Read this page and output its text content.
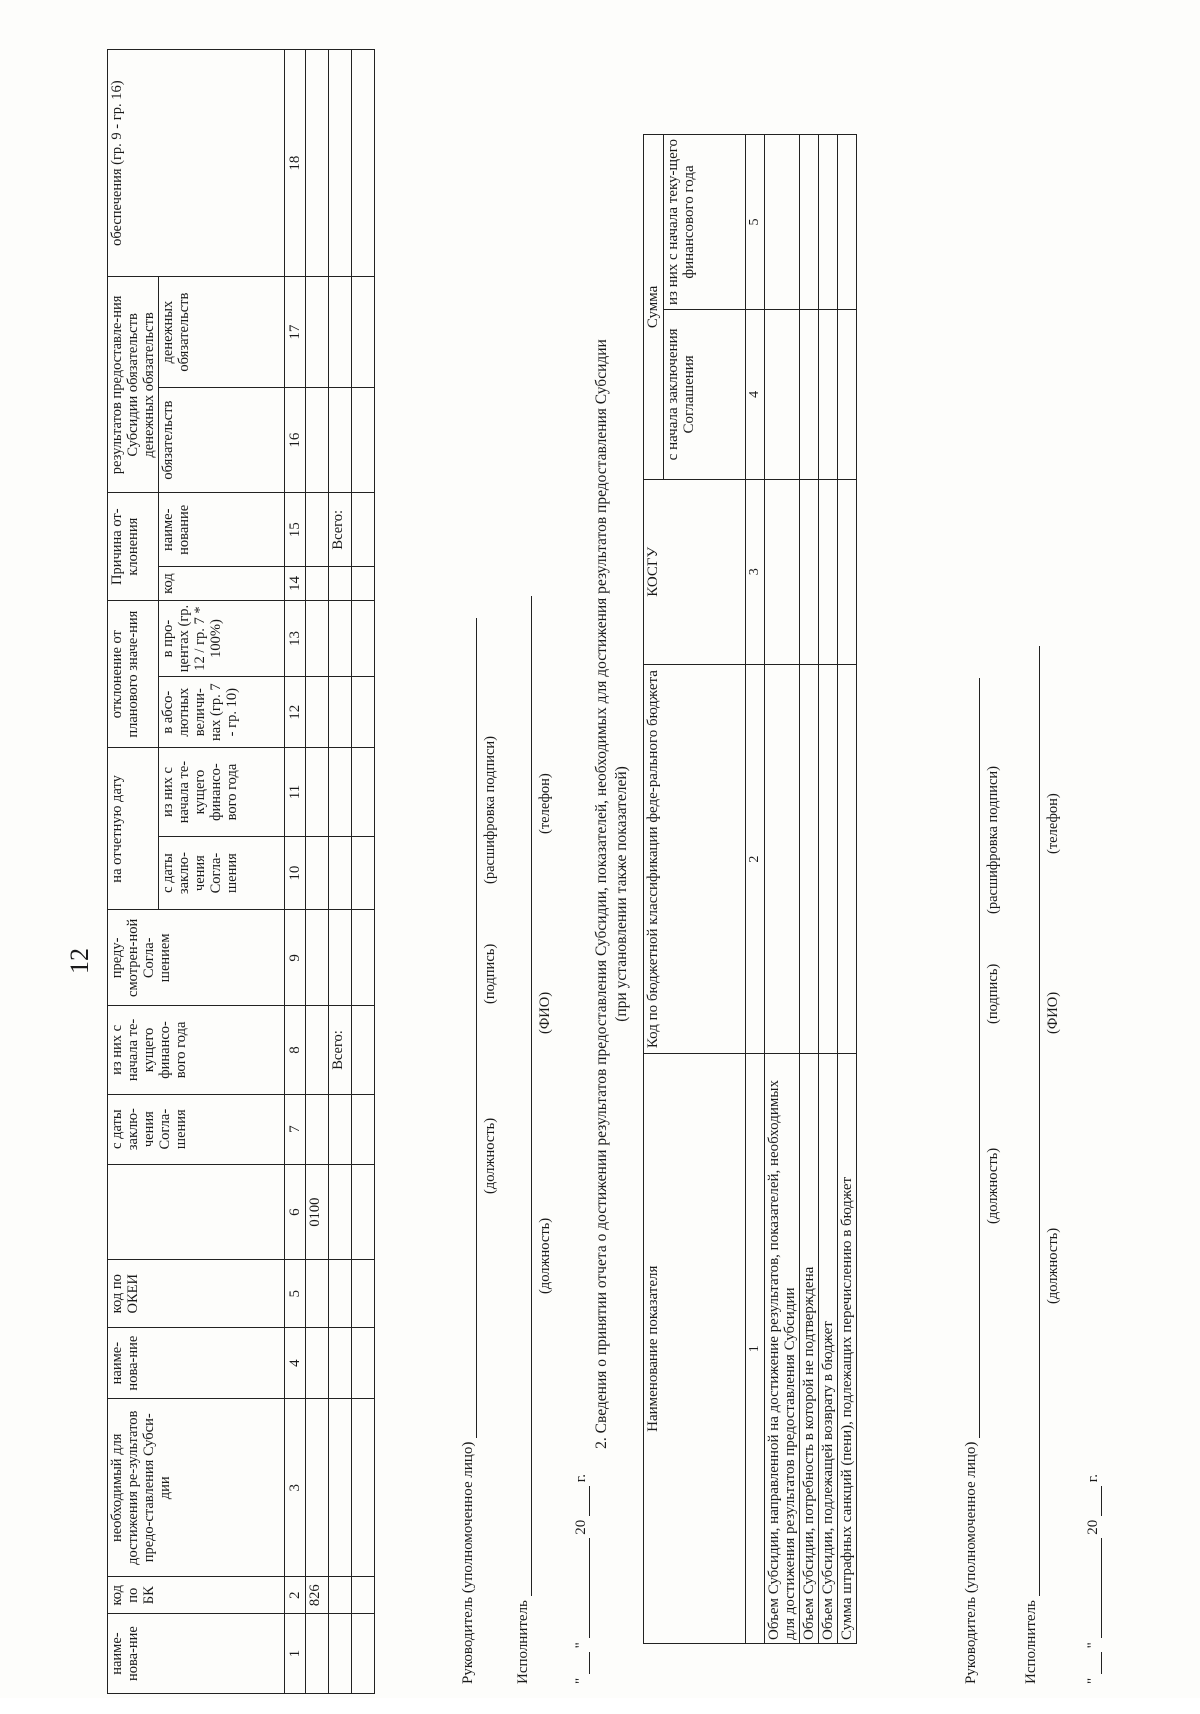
12
наиме-нова-ние	код по БК	необходимый для достижения ре-зультатов предо-ставления Субси-дии	наиме-нова-ние	код по ОКЕИ		с даты заклю-чения Согла-шения	из них с начала те-кущего финансо-вого года	преду-смотрен-ной Согла-шением	на отчетную дату		отклонение от планового значе-ния		Причина от-клонения		результатов предоставле-ния Субсидии обязательств денежных обязательств		обеспечения (гр. 9 - гр. 16)
									с даты заклю-чения Согла-шения	из них с начала те-кущего финансо-вого года	в абсо-лютных величи-нах (гр. 7 - гр. 10)	в про-центах (гр. 12 / гр. 7 * 100%)	код	наиме-нование	обязательств	денежных обязательств	
1	2	3	4	5	6	7	8	9	10	11	12	13	14	15	16	17	18
	826				0100												
							Всего:							Всего:			

Руководитель (уполномоченное лицо)
(должность)
(подпись)
(расшифровка подписи)
Исполнитель
(должность)
(ФИО)
(телефон)
"  "  20  г.
2. Сведения о принятии отчета о достижении результатов предоставления Субсидии, показателей, необходимых для достижения результатов предоставления Субсидии (при установлении также показателей)
Наименование показателя	Код по бюджетной классификации феде-рального бюджета	КОСГУ	Сумма	
			с начала заключения Соглашения	из них с начала теку-щего финансового года
1	2	3	4	5
Объем Субсидии, направленной на достижение результатов, показателей, необходимых для достижения результатов предоставления Субсидии				
Объем Субсидии, потребность в которой не подтверждена				
Объем Субсидии, подлежащей возврату в бюджет				
Сумма штрафных санкций (пени), подлежащих перечислению в бюджет					Руководитель (уполномоченное лицо)
(должность)
(подпись)
(расшифровка подписи)
Исполнитель
(должность)
(ФИО)
(телефон)
"  "  20  г.
